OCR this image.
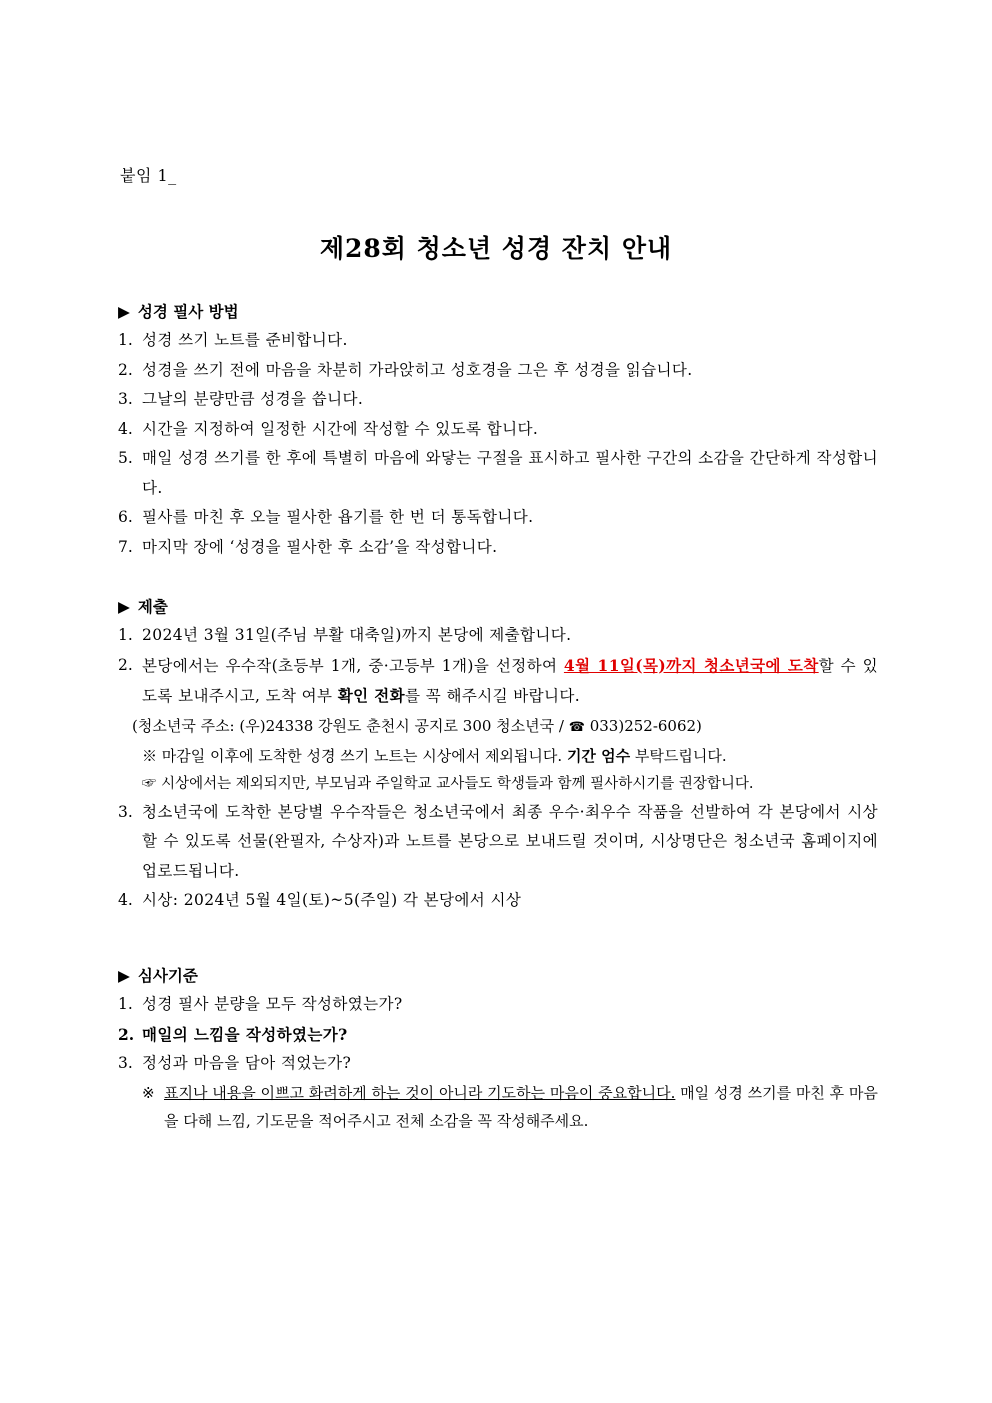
붙임 1_
제28회 청소년 성경 잔치 안내
▶ 성경 필사 방법
1. 성경 쓰기 노트를 준비합니다.
2. 성경을 쓰기 전에 마음을 차분히 가라앉히고 성호경을 그은 후 성경을 읽습니다.
3. 그날의 분량만큼 성경을 씁니다.
4. 시간을 지정하여 일정한 시간에 작성할 수 있도록 합니다.
5. 매일 성경 쓰기를 한 후에 특별히 마음에 와닿는 구절을 표시하고 필사한 구간의 소감을 간단하게 작성합니다.
6. 필사를 마친 후 오늘 필사한 욥기를 한 번 더 통독합니다.
7. 마지막 장에 ‘성경을 필사한 후 소감’을 작성합니다.
▶ 제출
1. 2024년 3월 31일(주님 부활 대축일)까지 본당에 제출합니다.
2. 본당에서는 우수작(초등부 1개, 중·고등부 1개)을 선정하여 4월 11일(목)까지 청소년국에 도착할 수 있도록 보내주시고, 도착 여부 확인 전화를 꼭 해주시길 바랍니다.
(청소년국 주소: (우)24338 강원도 춘천시 공지로 300 청소년국 / ☎ 033)252-6062)
※ 마감일 이후에 도착한 성경 쓰기 노트는 시상에서 제외됩니다. 기간 엄수 부탁드립니다.
☞ 시상에서는 제외되지만, 부모님과 주일학교 교사들도 학생들과 함께 필사하시기를 권장합니다.
3. 청소년국에 도착한 본당별 우수작들은 청소년국에서 최종 우수·최우수 작품을 선발하여 각 본당에서 시상할 수 있도록 선물(완필자, 수상자)과 노트를 본당으로 보내드릴 것이며, 시상명단은 청소년국 홈페이지에 업로드됩니다.
4. 시상: 2024년 5월 4일(토)~5(주일) 각 본당에서 시상
▶ 심사기준
1. 성경 필사 분량을 모두 작성하였는가?
2. 매일의 느낌을 작성하였는가?
3. 정성과 마음을 담아 적었는가?
※ 표지나 내용을 이쁘고 화려하게 하는 것이 아니라 기도하는 마음이 중요합니다. 매일 성경 쓰기를 마친 후 마음을 다해 느낌, 기도문을 적어주시고 전체 소감을 꼭 작성해주세요.
